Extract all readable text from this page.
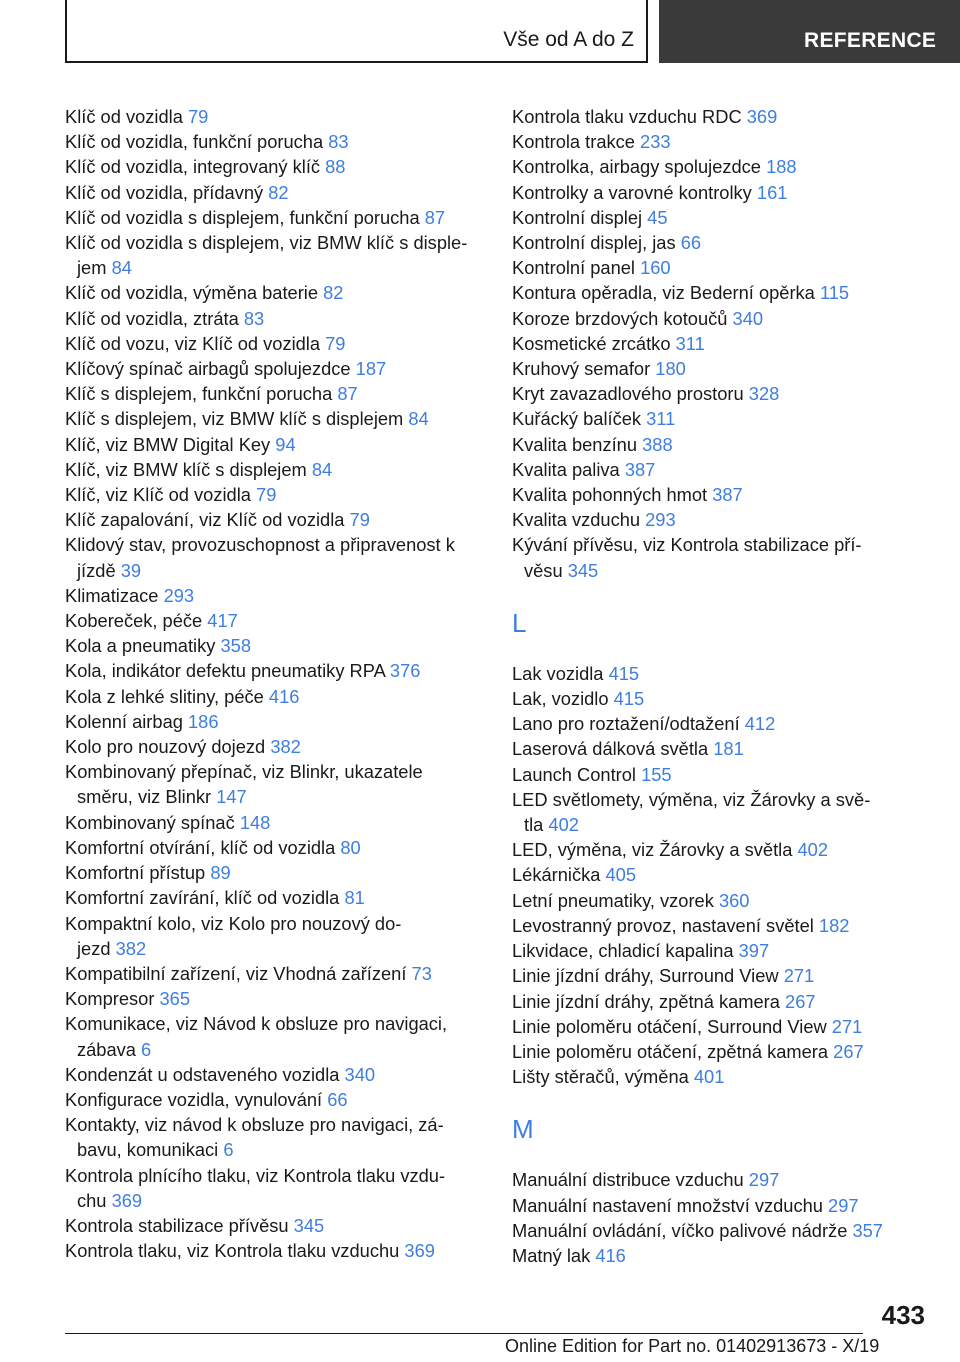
Vše od A do Z	REFERENCE
Klíč od vozidla 79
Klíč od vozidla, funkční porucha 83
Klíč od vozidla, integrovaný klíč 88
Klíč od vozidla, přídavný 82
Klíč od vozidla s displejem, funkční porucha 87
Klíč od vozidla s displejem, viz BMW klíč s disple-
jem 84
Klíč od vozidla, výměna baterie 82
Klíč od vozidla, ztráta 83
Klíč od vozu, viz Klíč od vozidla 79
Klíčový spínač airbagů spolujezdce 187
Klíč s displejem, funkční porucha 87
Klíč s displejem, viz BMW klíč s displejem 84
Klíč, viz BMW Digital Key 94
Klíč, viz BMW klíč s displejem 84
Klíč, viz Klíč od vozidla 79
Klíč zapalování, viz Klíč od vozidla 79
Klidový stav, provozuschopnost a připravenost k
jízdě 39
Klimatizace 293
Kobereček, péče 417
Kola a pneumatiky 358
Kola, indikátor defektu pneumatiky RPA 376
Kola z lehké slitiny, péče 416
Kolenní airbag 186
Kolo pro nouzový dojezd 382
Kombinovaný přepínač, viz Blinkr, ukazatele
směru, viz Blinkr 147
Kombinovaný spínač 148
Komfortní otvírání, klíč od vozidla 80
Komfortní přístup 89
Komfortní zavírání, klíč od vozidla 81
Kompaktní kolo, viz Kolo pro nouzový do-
jezd 382
Kompatibilní zařízení, viz Vhodná zařízení 73
Kompresor 365
Komunikace, viz Návod k obsluze pro navigaci,
zábava 6
Kondenzát u odstaveného vozidla 340
Konfigurace vozidla, vynulování 66
Kontakty, viz návod k obsluze pro navigaci, zá-
bavu, komunikaci 6
Kontrola plnícího tlaku, viz Kontrola tlaku vzdu-
chu 369
Kontrola stabilizace přívěsu 345
Kontrola tlaku, viz Kontrola tlaku vzduchu 369
Kontrola tlaku vzduchu RDC 369
Kontrola trakce 233
Kontrolka, airbagy spolujezdce 188
Kontrolky a varovné kontrolky 161
Kontrolní displej 45
Kontrolní displej, jas 66
Kontrolní panel 160
Kontura opěradla, viz Bederní opěrka 115
Koroze brzdových kotoučů 340
Kosmetické zrcátko 311
Kruhový semafor 180
Kryt zavazadlového prostoru 328
Kuřácký balíček 311
Kvalita benzínu 388
Kvalita paliva 387
Kvalita pohonných hmot 387
Kvalita vzduchu 293
Kývání přívěsu, viz Kontrola stabilizace pří-
věsu 345
L
Lak vozidla 415
Lak, vozidlo 415
Lano pro roztažení/odtažení 412
Laserová dálková světla 181
Launch Control 155
LED světlomety, výměna, viz Žárovky a svě-
tla 402
LED, výměna, viz Žárovky a světla 402
Lékárnička 405
Letní pneumatiky, vzorek 360
Levostranný provoz, nastavení světel 182
Likvidace, chladicí kapalina 397
Linie jízdní dráhy, Surround View 271
Linie jízdní dráhy, zpětná kamera 267
Linie poloměru otáčení, Surround View 271
Linie poloměru otáčení, zpětná kamera 267
Lišty stěračů, výměna 401
M
Manuální distribuce vzduchu 297
Manuální nastavení množství vzduchu 297
Manuální ovládání, víčko palivové nádrže 357
Matný lak 416
433
Online Edition for Part no. 01402913673 - X/19
